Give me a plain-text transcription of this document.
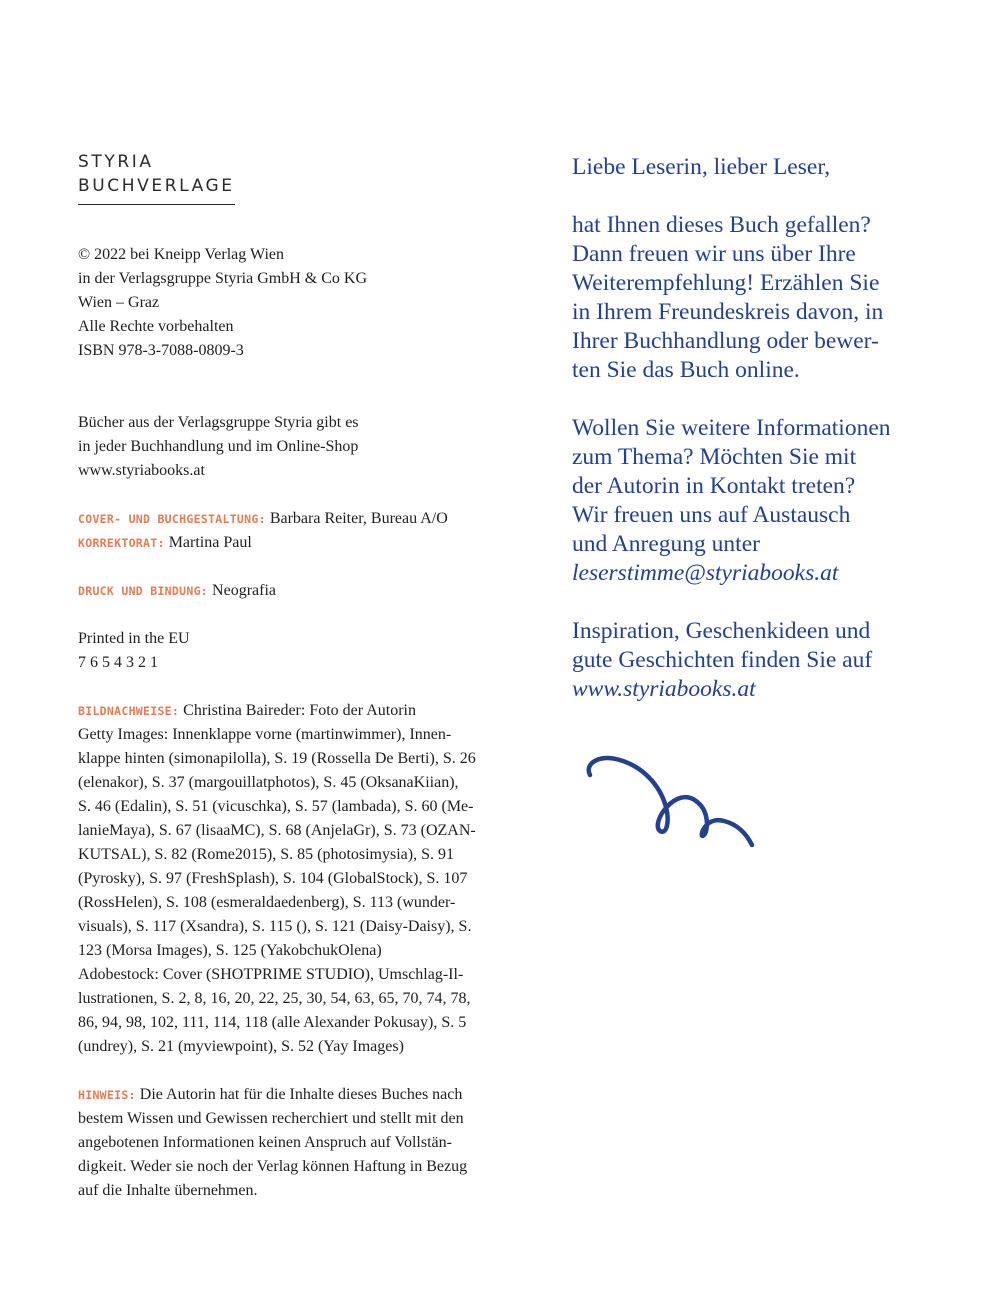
STYRIA
BUCHVERLAGE

© 2022 bei Kneipp Verlag Wien

in der Verlagsgruppe Styria GmbH & Co KG

Wien – Graz

Alle Rechte vorbehalten

ISBN 978-3-7088-0809-3

Bücher aus der Verlagsgruppe Styria gibt es

in jeder Buchhandlung und im Online-Shop

www.styriabooks.at

COVER- UND BUCHGESTALTUNG: Barbara Reiter, Bureau A/O

KORREKTORAT: Martina Paul

DRUCK UND BINDUNG: Neografia

Printed in the EU

7 6 5 4 3 2 1

BILDNACHWEISE: Christina Baireder: Foto der Autorin

Getty Images: Innenklappe vorne (martinwimmer), Innen-

klappe hinten (simonapilolla), S. 19 (Rossella De Berti), S. 26

(elenakor), S. 37 (margouillatphotos), S. 45 (OksanaKiian),

S. 46 (Edalin), S. 51 (vicuschka), S. 57 (lambada), S. 60 (Me-

lanieMaya), S. 67 (lisaaMC), S. 68 (AnjelaGr), S. 73 (OZAN-

KUTSAL), S. 82 (Rome2015), S. 85 (photosimysia), S. 91

(Pyrosky), S. 97 (FreshSplash), S. 104 (GlobalStock), S. 107

(RossHelen), S. 108 (esmeraldaedenberg), S. 113 (wunder-

visuals), S. 117 (Xsandra), S. 115 (), S. 121 (Daisy-Daisy), S.

123 (Morsa Images), S. 125 (YakobchukOlena)

Adobestock: Cover (SHOTPRIME STUDIO), Umschlag-Il-

lustrationen, S. 2, 8, 16, 20, 22, 25, 30, 54, 63, 65, 70, 74, 78,

86, 94, 98, 102, 111, 114, 118 (alle Alexander Pokusay), S. 5

(undrey), S. 21 (myviewpoint), S. 52 (Yay Images)

HINWEIS: Die Autorin hat für die Inhalte dieses Buches nach

bestem Wissen und Gewissen recherchiert und stellt mit den

angebotenen Informationen keinen Anspruch auf Vollstän-

digkeit. Weder sie noch der Verlag können Haftung in Bezug

auf die Inhalte übernehmen.

Liebe Leserin, lieber Leser,

hat Ihnen dieses Buch gefallen?

Dann freuen wir uns über Ihre

Weiterempfehlung! Erzählen Sie

in Ihrem Freundeskreis davon, in

Ihrer Buchhandlung oder bewer-

ten Sie das Buch online.

Wollen Sie weitere Informationen

zum Thema? Möchten Sie mit

der Autorin in Kontakt treten?

Wir freuen uns auf Austausch

und Anregung unter

leserstimme@styriabooks.at

Inspiration, Geschenkideen und

gute Geschichten finden Sie auf

www.styriabooks.at
